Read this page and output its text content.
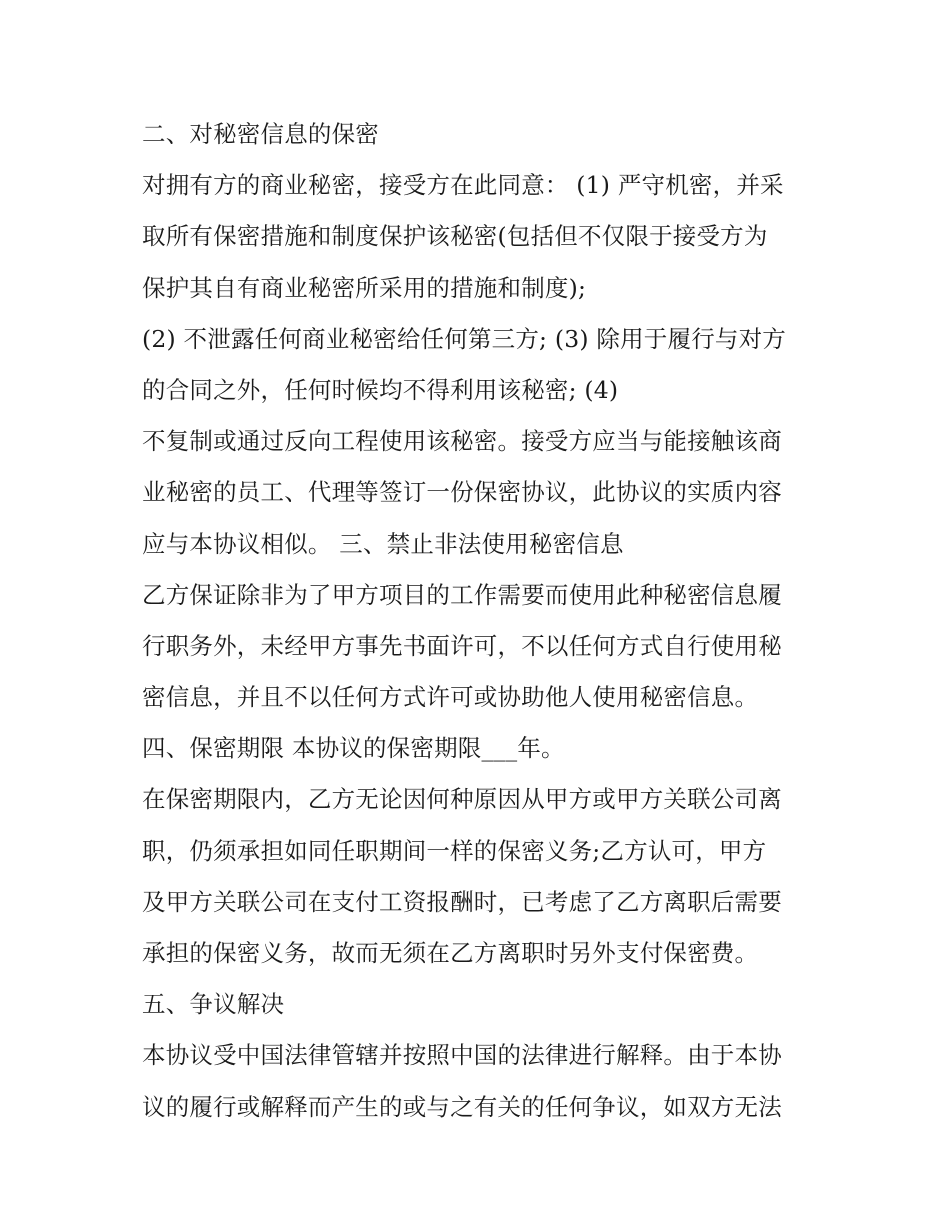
二、对秘密信息的保密
对拥有方的商业秘密，接受方在此同意： (1) 严守机密，并采
取所有保密措施和制度保护该秘密(包括但不仅限于接受方为
保护其自有商业秘密所采用的措施和制度);
(2) 不泄露任何商业秘密给任何第三方; (3) 除用于履行与对方
的合同之外，任何时候均不得利用该秘密; (4)
不复制或通过反向工程使用该秘密。接受方应当与能接触该商
业秘密的员工、代理等签订一份保密协议，此协议的实质内容
应与本协议相似。 三、禁止非法使用秘密信息
乙方保证除非为了甲方项目的工作需要而使用此种秘密信息履
行职务外，未经甲方事先书面许可，不以任何方式自行使用秘
密信息，并且不以任何方式许可或协助他人使用秘密信息。
四、保密期限 本协议的保密期限___年。
在保密期限内，乙方无论因何种原因从甲方或甲方关联公司离
职，仍须承担如同任职期间一样的保密义务;乙方认可，甲方
及甲方关联公司在支付工资报酬时，已考虑了乙方离职后需要
承担的保密义务，故而无须在乙方离职时另外支付保密费。
五、争议解决
本协议受中国法律管辖并按照中国的法律进行解释。由于本协
议的履行或解释而产生的或与之有关的任何争议，如双方无法
